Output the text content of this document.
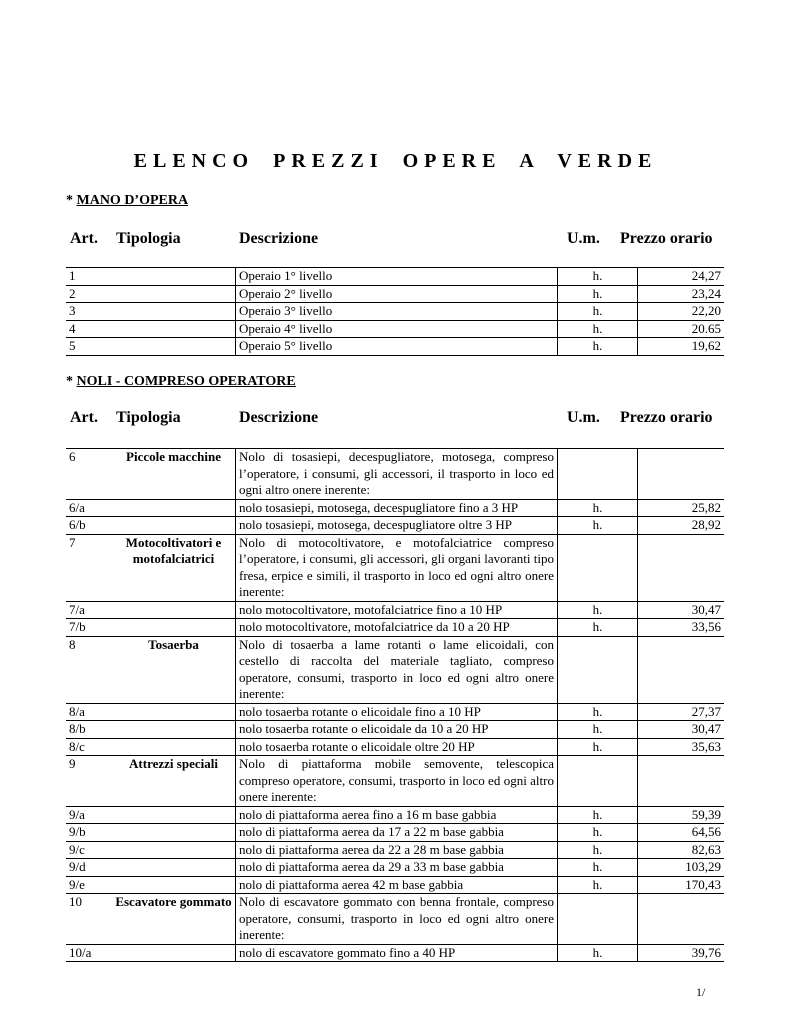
ELENCO PREZZI OPERE A VERDE
* MANO D’OPERA
Art. Tipologia	Descrizione	U.m. Prezzo orario
1		Operaio 1° livello	h.	24,27
2		Operaio 2° livello	h.	23,24
3		Operaio 3° livello	h.	22,20
4		Operaio 4° livello	h.	20.65
5		Operaio 5° livello	h.	19,62
* NOLI - COMPRESO OPERATORE
Art. Tipologia	Descrizione	U.m. Prezzo orario
6	Piccole macchine	Nolo di tosasiepi, decespugliatore, motosega, compreso l’operatore, i consumi, gli accessori, il trasporto in loco ed ogni altro onere inerente:		
6/a		nolo tosasiepi, motosega, decespugliatore fino a 3 HP	h.	25,82
6/b		nolo tosasiepi, motosega, decespugliatore oltre 3 HP	h.	28,92
7	Motocoltivatori e motofalciatrici	Nolo di motocoltivatore, e motofalciatrice compreso l’operatore, i consumi, gli accessori, gli organi lavoranti tipo fresa, erpice e simili, il trasporto in loco ed ogni altro onere inerente:		
7/a		nolo motocoltivatore, motofalciatrice fino a 10 HP	h.	30,47
7/b		nolo motocoltivatore, motofalciatrice da 10 a 20 HP	h.	33,56
8	Tosaerba	Nolo di tosaerba a lame rotanti o lame elicoidali, con cestello di raccolta del materiale tagliato, compreso operatore, consumi, trasporto in loco ed ogni altro onere inerente:		
8/a		nolo tosaerba rotante o elicoidale fino a 10 HP	h.	27,37
8/b		nolo tosaerba rotante o elicoidale da 10 a 20 HP	h.	30,47
8/c		nolo tosaerba rotante o elicoidale oltre 20 HP	h.	35,63
9	Attrezzi speciali	Nolo di piattaforma mobile semovente, telescopica compreso operatore, consumi, trasporto in loco ed ogni altro onere inerente:		
9/a		nolo di piattaforma aerea fino a 16 m base gabbia	h.	59,39
9/b		nolo di piattaforma aerea da 17 a 22 m base gabbia	h.	64,56
9/c		nolo di piattaforma aerea da 22 a 28 m base gabbia	h.	82,63
9/d		nolo di piattaforma aerea da 29 a 33 m base gabbia	h.	103,29
9/e		nolo di piattaforma aerea 42 m base gabbia	h.	170,43
10	Escavatore gommato	Nolo di escavatore gommato con benna frontale, compreso operatore, consumi, trasporto in loco ed ogni altro onere inerente:		
10/a		nolo di escavatore gommato fino a 40 HP	h.	39,76
1/
